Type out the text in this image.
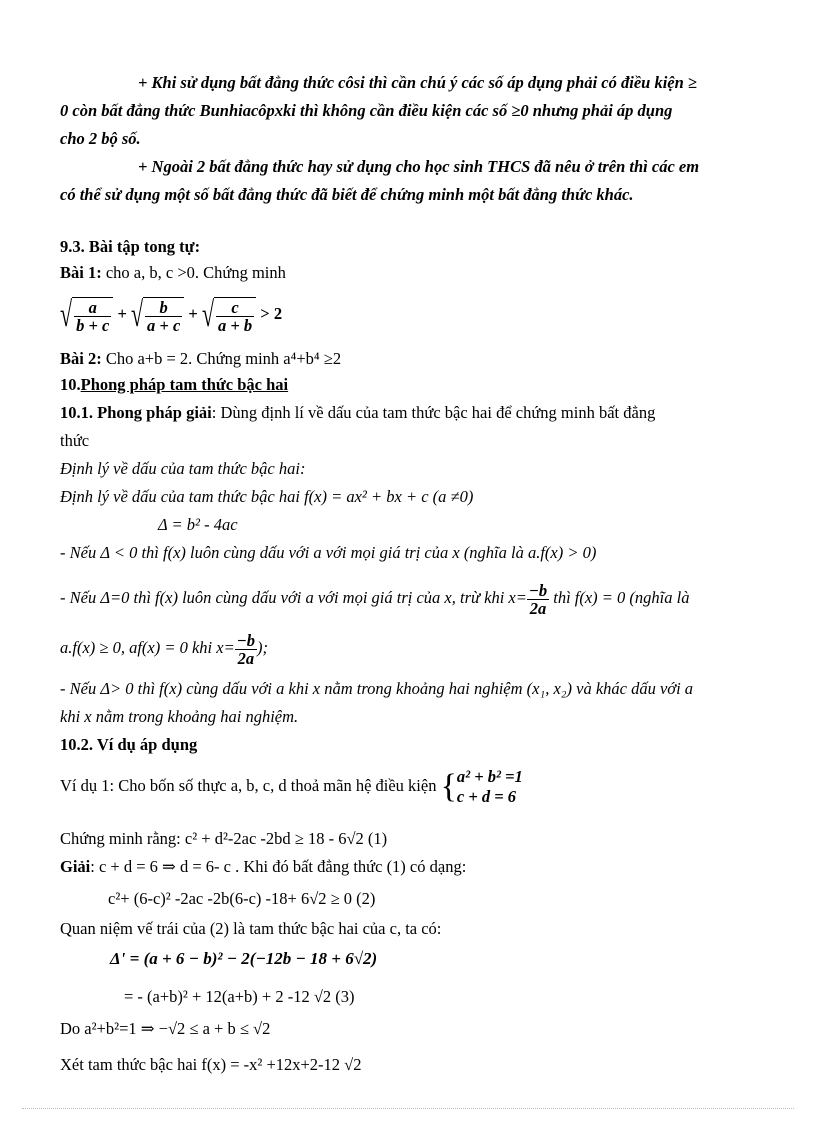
+ Khi sử dụng bất đẳng thức côsi thì cần chú ý các số áp dụng phải có điều kiện ≥
0 còn bất đẳng thức Bunhiacôpxki thì không cần điều kiện các số ≥0 nhưng phải áp dụng
cho 2 bộ số.
+ Ngoài 2 bất đẳng thức hay sử dụng cho học sinh THCS đã nêu ở trên thì các em
có thể sử dụng một số bất đẳng thức đã biết để chứng minh một bất đẳng thức khác.
9.3. Bài tập tong tự:
Bài 1: cho a, b, c >0. Chứng minh
√ $\frac{a}{b + c}$ + √ $\frac{b}{a + c}$ + √ $\frac{c}{a + b} > 2$
Bài 2: Cho a+b = 2. Chứng minh a⁴+b⁴ ≥2
10.Phong pháp tam thức bậc hai
10.1. Phong pháp giải: Dùng định lí về dấu của tam thức bậc hai để chứng minh bất đẳng
thức
Định lý về dấu của tam thức bậc hai:
Định lý về dấu của tam thức bậc hai f(x) = ax² + bx + c (a ≠0)
Δ = b² - 4ac
- Nếu Δ < 0 thì f(x) luôn cùng dấu với a với mọi giá trị của x (nghĩa là a.f(x) > 0)
- Nếu Δ=0 thì f(x) luôn cùng dấu với a với mọi giá trị của x, trừ khi $x= \frac{-b}{2a}$ thì f(x) = 0 (nghĩa là
a.f(x) ≥ 0, af(x) = 0 khi $x= \frac{-b}{2a}$ );
- Nếu Δ> 0 thì f(x) cùng dấu với a khi x nằm trong khoảng hai nghiệm (x₁, x₂) và khác dấu với a
khi x nằm trong khoảng hai nghiệm.
10.2. Ví dụ áp dụng
Ví dụ 1: Cho bốn số thực a, b, c, d thoả mãn hệ điều kiện { a² + b² =1
c + d = 6
Chứng minh rằng: c² + d²-2ac -2bd ≥ 18 - 6√2 (1)
Giải: c + d = 6 ⇒ d = 6- c . Khi đó bất đẳng thức (1) có dạng:
c²+ (6-c)² -2ac -2b(6-c) -18+ 6√2 ≥ 0 (2)
Quan niệm vế trái của (2) là tam thức bậc hai của c, ta có:
Δ' = (a + 6 − b)² − 2(−12b − 18 + 6√2)
= - (a+b)² + 12(a+b) + 2 -12 √2 (3)
Do a²+b²=1 ⇒ −√2 ≤ a + b ≤ √2
Xét tam thức bậc hai f(x) = -x² +12x+2-12 √2
